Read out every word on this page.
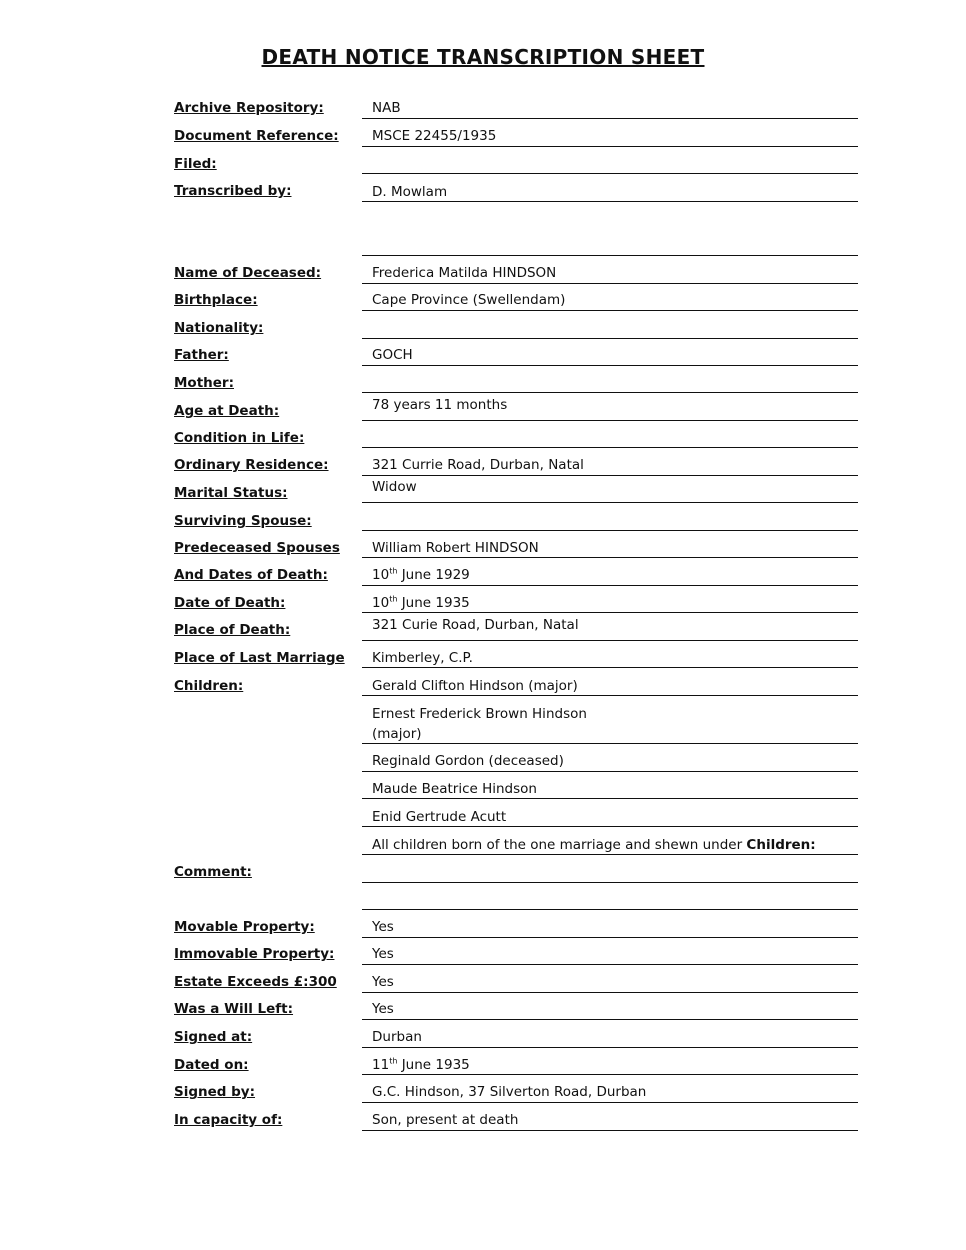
DEATH NOTICE TRANSCRIPTION SHEET
Archive Repository:	NAB
Document Reference: MSCE 22455/1935
Filed:
Transcribed by:	D. Mowlam
Name of Deceased:	Frederica Matilda HINDSON
Birthplace:	Cape Province (Swellendam)
Nationality:
Father:	GOCH
Mother:
Age at Death:	78 years 11 months
Condition in Life:
Ordinary Residence:	321 Currie Road, Durban, Natal
Marital Status:	Widow
Surviving Spouse:
Predeceased Spouses William Robert HINDSON
And Dates of Death:	10th June 1929
Date of Death:	10th June 1935
Place of Death:	321 Curie Road, Durban, Natal
Place of Last Marriage Kimberley, C.P.
Children:	Gerald Clifton Hindson (major)
Ernest Frederick Brown Hindson
(major)
Reginald Gordon (deceased)
Maude Beatrice Hindson
Enid Gertrude Acutt
All children born of the one marriage and shewn under Children:
Comment:
Movable Property:	Yes
Immovable Property:	Yes
Estate Exceeds £:300	Yes
Was a Will Left:	Yes
Signed at:	Durban
Dated on:	11th June 1935
Signed by:	G.C. Hindson, 37 Silverton Road, Durban
In capacity of:	Son, present at death
